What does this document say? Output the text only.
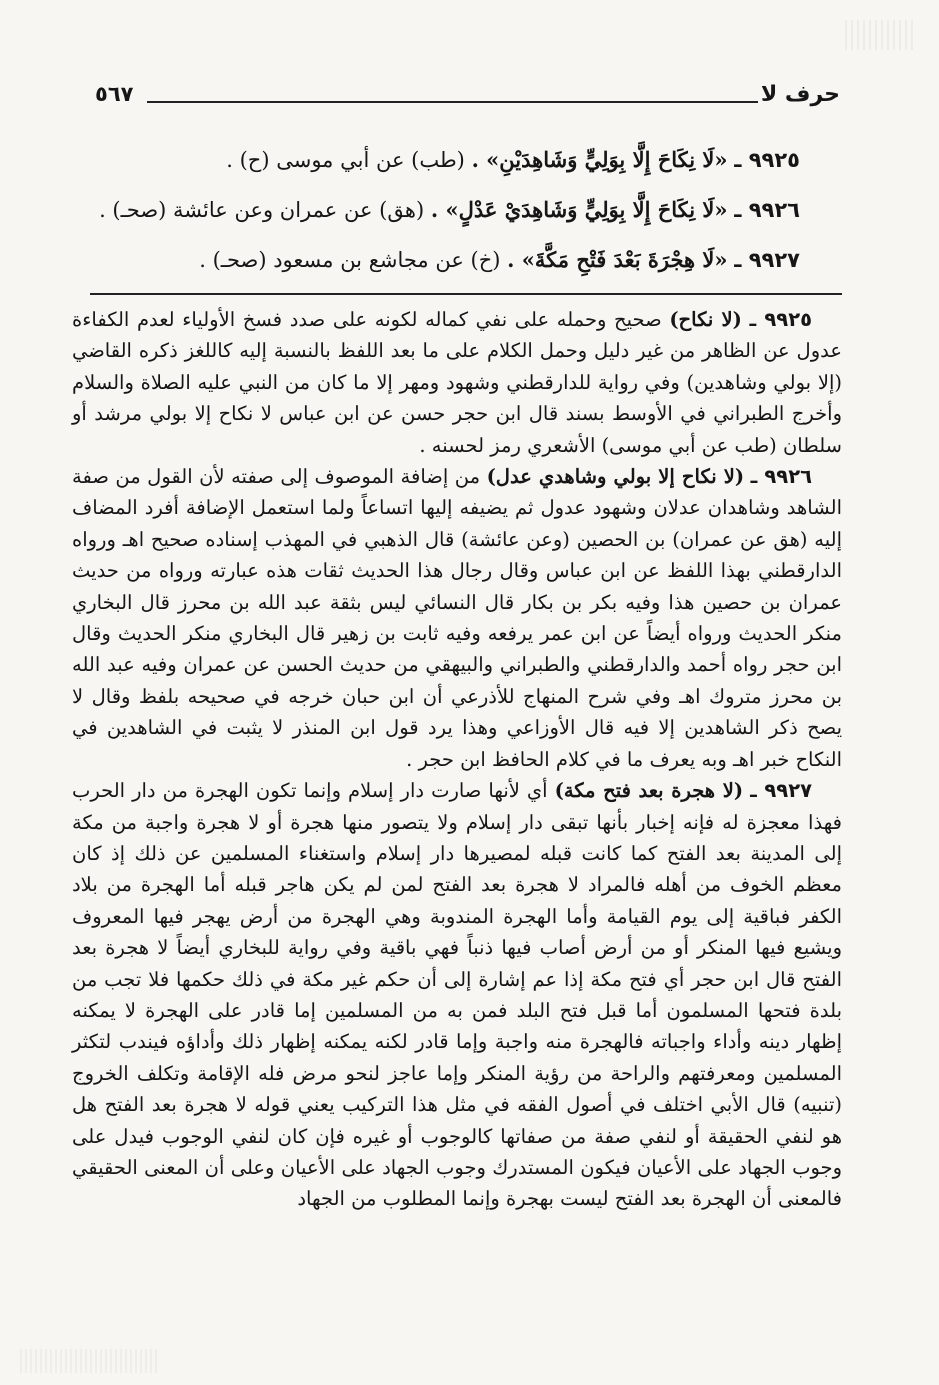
حرف لا
٥٦٧
٩٩٢٥ ـ «لَا نِكَاحَ إِلَّا بِوَلِيٍّ وَشَاهِدَيْنِ» . (طب) عن أبي موسى (ح) .
٩٩٢٦ ـ «لَا نِكَاحَ إِلَّا بِوَلِيٍّ وَشَاهِدَيْ عَدْلٍ» . (هق) عن عمران وعن عائشة (صحـ) .
٩٩٢٧ ـ «لَا هِجْرَةَ بَعْدَ فَتْحِ مَكَّةَ» . (خ) عن مجاشع بن مسعود (صحـ) .

٩٩٢٥ ـ (لا نكاح) صحيح وحمله على نفي كماله لكونه على صدد فسخ الأولياء لعدم الكفاءة عدول عن الظاهر من غير دليل وحمل الكلام على ما بعد اللفظ بالنسبة إليه كاللغز ذكره القاضي (إلا بولي وشاهدين) وفي رواية للدارقطني وشهود ومهر إلا ما كان من النبي عليه الصلاة والسلام وأخرج الطبراني في الأوسط بسند قال ابن حجر حسن عن ابن عباس لا نكاح إلا بولي مرشد أو سلطان (طب عن أبي موسى) الأشعري رمز لحسنه .

٩٩٢٦ ـ (لا نكاح إلا بولي وشاهدي عدل) من إضافة الموصوف إلى صفته لأن القول من صفة الشاهد وشاهدان عدلان وشهود عدول ثم يضيفه إليها اتساعاً ولما استعمل الإضافة أفرد المضاف إليه (هق عن عمران) بن الحصين (وعن عائشة) قال الذهبي في المهذب إسناده صحيح اهـ ورواه الدارقطني بهذا اللفظ عن ابن عباس وقال رجال هذا الحديث ثقات هذه عبارته ورواه من حديث عمران بن حصين هذا وفيه بكر بن بكار قال النسائي ليس بثقة عبد الله بن محرز قال البخاري منكر الحديث ورواه أيضاً عن ابن عمر يرفعه وفيه ثابت بن زهير قال البخاري منكر الحديث وقال ابن حجر رواه أحمد والدارقطني والطبراني والبيهقي من حديث الحسن عن عمران وفيه عبد الله بن محرز متروك اهـ وفي شرح المنهاج للأذرعي أن ابن حبان خرجه في صحيحه بلفظ وقال لا يصح ذكر الشاهدين إلا فيه قال الأوزاعي وهذا يرد قول ابن المنذر لا يثبت في الشاهدين في النكاح خبر اهـ وبه يعرف ما في كلام الحافظ ابن حجر .

٩٩٢٧ ـ (لا هجرة بعد فتح مكة) أي لأنها صارت دار إسلام وإنما تكون الهجرة من دار الحرب فهذا معجزة له فإنه إخبار بأنها تبقى دار إسلام ولا يتصور منها هجرة أو لا هجرة واجبة من مكة إلى المدينة بعد الفتح كما كانت قبله لمصيرها دار إسلام واستغناء المسلمين عن ذلك إذ كان معظم الخوف من أهله فالمراد لا هجرة بعد الفتح لمن لم يكن هاجر قبله أما الهجرة من بلاد الكفر فباقية إلى يوم القيامة وأما الهجرة المندوبة وهي الهجرة من أرض يهجر فيها المعروف ويشيع فيها المنكر أو من أرض أصاب فيها ذنباً فهي باقية وفي رواية للبخاري أيضاً لا هجرة بعد الفتح قال ابن حجر أي فتح مكة إذا عم إشارة إلى أن حكم غير مكة في ذلك حكمها فلا تجب من بلدة فتحها المسلمون أما قبل فتح البلد فمن به من المسلمين إما قادر على الهجرة لا يمكنه إظهار دينه وأداء واجباته فالهجرة منه واجبة وإما قادر لكنه يمكنه إظهار ذلك وأداؤه فيندب لتكثر المسلمين ومعرفتهم والراحة من رؤية المنكر وإما عاجز لنحو مرض فله الإقامة وتكلف الخروج (تنبيه) قال الأبي اختلف في أصول الفقه في مثل هذا التركيب يعني قوله لا هجرة بعد الفتح هل هو لنفي الحقيقة أو لنفي صفة من صفاتها كالوجوب أو غيره فإن كان لنفي الوجوب فيدل على وجوب الجهاد على الأعيان فيكون المستدرك وجوب الجهاد على الأعيان وعلى أن المعنى الحقيقي فالمعنى أن الهجرة بعد الفتح ليست بهجرة وإنما المطلوب من الجهاد
